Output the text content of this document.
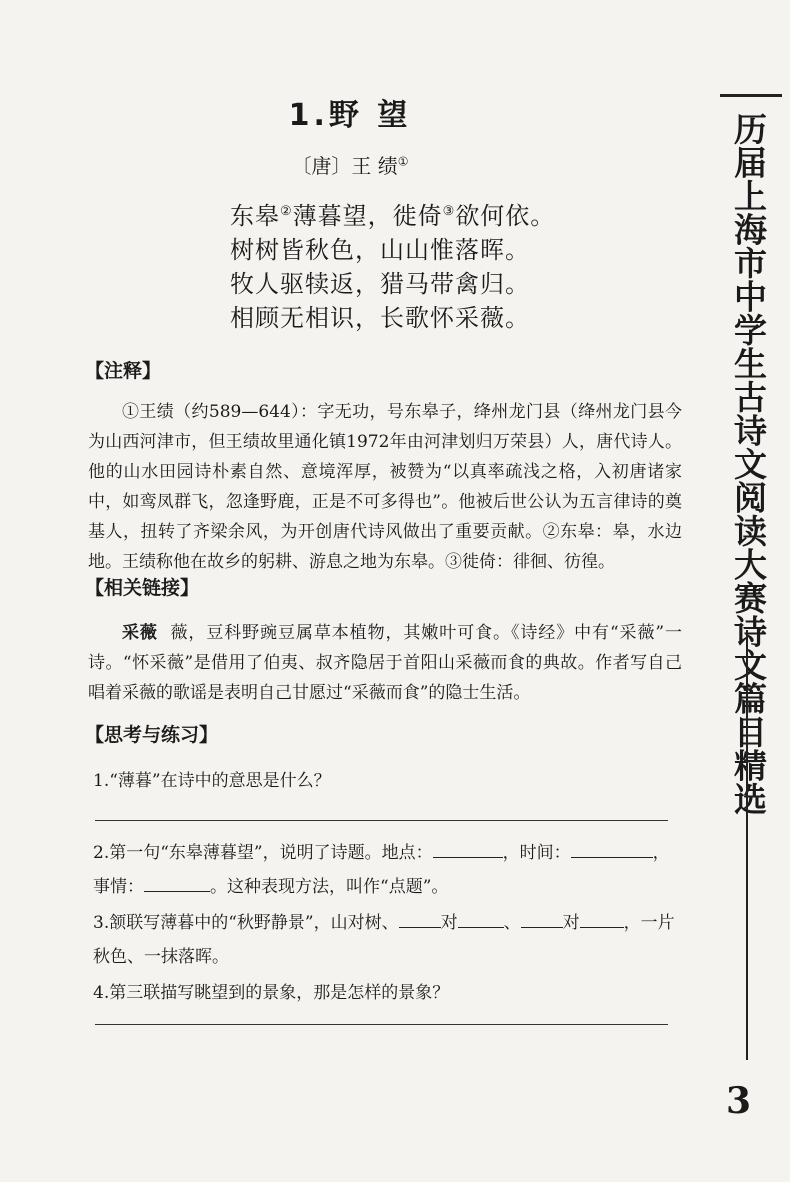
1.野 望
〔唐〕王 绩①
东皋②薄暮望，徙倚③欲何依。
树树皆秋色，山山惟落晖。
牧人驱犊返，猎马带禽归。
相顾无相识，长歌怀采薇。
【注释】

①王绩（约589—644）：字无功，号东皋子，绛州龙门县（绛州龙门县今为山西河津市，但王绩故里通化镇1972年由河津划归万荣县）人，唐代诗人。他的山水田园诗朴素自然、意境浑厚，被赞为“以真率疏浅之格，入初唐诸家中，如鸾凤群飞，忽逢野鹿，正是不可多得也”。他被后世公认为五言律诗的奠基人，扭转了齐梁余风，为开创唐代诗风做出了重要贡献。②东皋：皋，水边地。王绩称他在故乡的躬耕、游息之地为东皋。③徙倚：徘徊、彷徨。

【相关链接】

采薇 薇，豆科野豌豆属草本植物，其嫩叶可食。《诗经》中有“采薇”一诗。“怀采薇”是借用了伯夷、叔齐隐居于首阳山采薇而食的典故。作者写自己唱着采薇的歌谣是表明自己甘愿过“采薇而食”的隐士生活。

【思考与练习】
1.“薄暮”在诗中的意思是什么？
2.第一句“东皋薄暮望”，说明了诗题。地点：	，时间：	，事情：	。这种表现方法，叫作“点题”。
3.颔联写薄暮中的“秋野静景”，山对树、 对	、 对	，一片秋色、一抹落晖。
4.第三联描写眺望到的景象，那是怎样的景象？
历届上海市中学生古诗文阅读大赛诗文篇目精选
3
